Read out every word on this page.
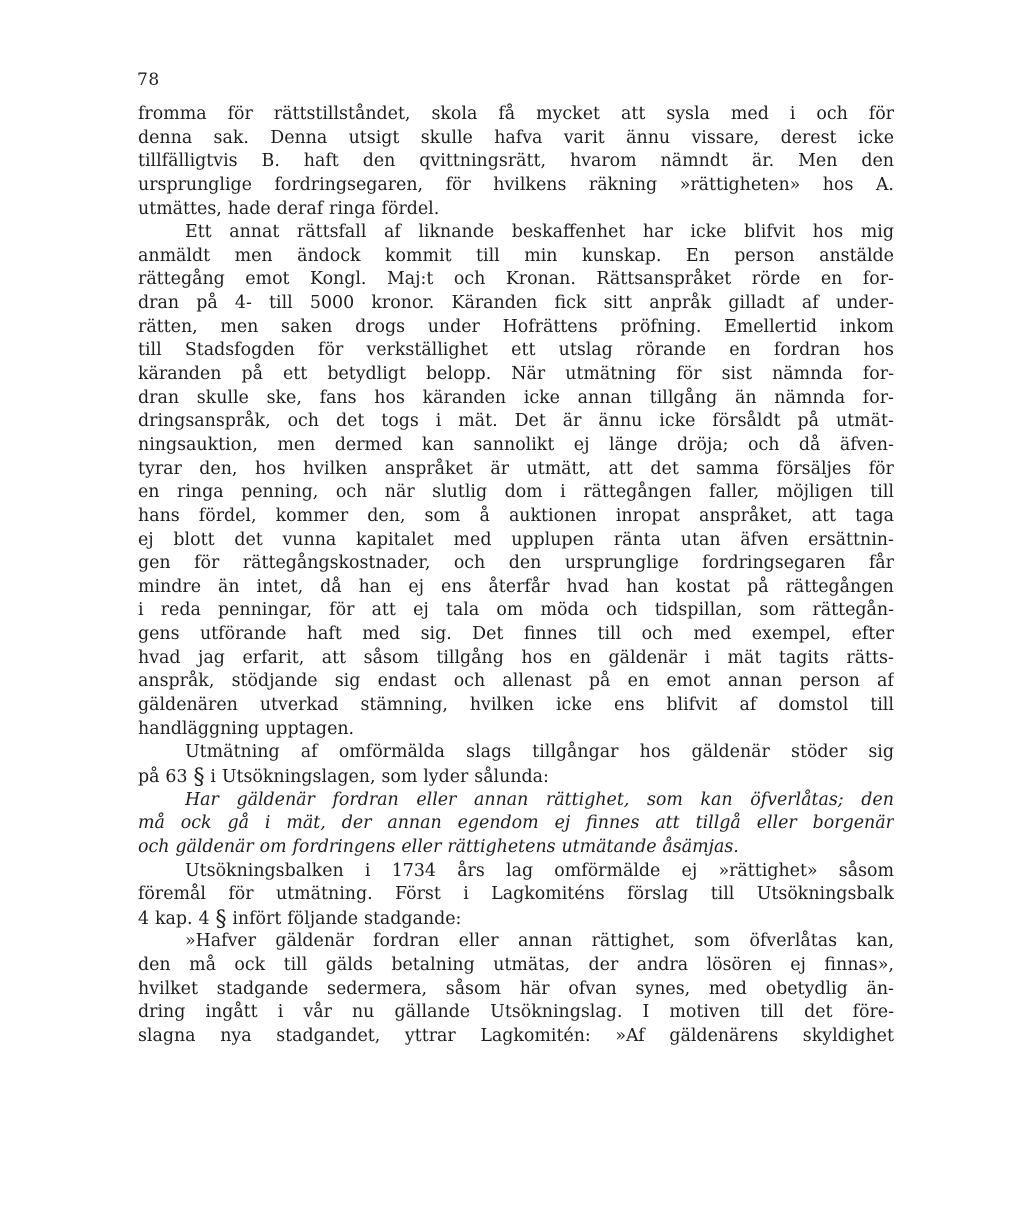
78
fromma för rättstillståndet, skola få mycket att sysla med i och för
denna sak. Denna utsigt skulle hafva varit ännu vissare, derest icke
tillfälligtvis B. haft den qvittningsrätt, hvarom nämndt är. Men den
ursprunglige fordringsegaren, för hvilkens räkning »rättigheten» hos A.
utmättes, hade deraf ringa fördel.
Ett annat rättsfall af liknande beskaffenhet har icke blifvit hos mig
anmäldt men ändock kommit till min kunskap. En person anstälde
rättegång emot Kongl. Maj:t och Kronan. Rättsanspråket rörde en for-
dran på 4- till 5000 kronor. Käranden fick sitt anpråk gilladt af under-
rätten, men saken drogs under Hofrättens pröfning. Emellertid inkom
till Stadsfogden för verkställighet ett utslag rörande en fordran hos
käranden på ett betydligt belopp. När utmätning för sist nämnda for-
dran skulle ske, fans hos käranden icke annan tillgång än nämnda for-
dringsanspråk, och det togs i mät. Det är ännu icke försåldt på utmät-
ningsauktion, men dermed kan sannolikt ej länge dröja; och då äfven-
tyrar den, hos hvilken anspråket är utmätt, att det samma försäljes för
en ringa penning, och när slutlig dom i rättegången faller, möjligen till
hans fördel, kommer den, som å auktionen inropat anspråket, att taga
ej blott det vunna kapitalet med upplupen ränta utan äfven ersättnin-
gen för rättegångskostnader, och den ursprunglige fordringsegaren får
mindre än intet, då han ej ens återfår hvad han kostat på rättegången
i reda penningar, för att ej tala om möda och tidspillan, som rättegån-
gens utförande haft med sig. Det finnes till och med exempel, efter
hvad jag erfarit, att såsom tillgång hos en gäldenär i mät tagits rätts-
anspråk, stödjande sig endast och allenast på en emot annan person af
gäldenären utverkad stämning, hvilken icke ens blifvit af domstol till
handläggning upptagen.
Utmätning af omförmälda slags tillgångar hos gäldenär stöder sig
på 63 § i Utsökningslagen, som lyder sålunda:
Har gäldenär fordran eller annan rättighet, som kan öfverlåtas; den
må ock gå i mät, der annan egendom ej finnes att tillgå eller borgenär
och gäldenär om fordringens eller rättighetens utmätande åsämjas.
Utsökningsbalken i 1734 års lag omförmälde ej »rättighet» såsom
föremål för utmätning. Först i Lagkomiténs förslag till Utsökningsbalk
4 kap. 4 § infört följande stadgande:
»Hafver gäldenär fordran eller annan rättighet, som öfverlåtas kan,
den må ock till gälds betalning utmätas, der andra lösören ej finnas»,
hvilket stadgande sedermera, såsom här ofvan synes, med obetydlig än-
dring ingått i vår nu gällande Utsökningslag. I motiven till det före-
slagna nya stadgandet, yttrar Lagkomitén: »Af gäldenärens skyldighet
